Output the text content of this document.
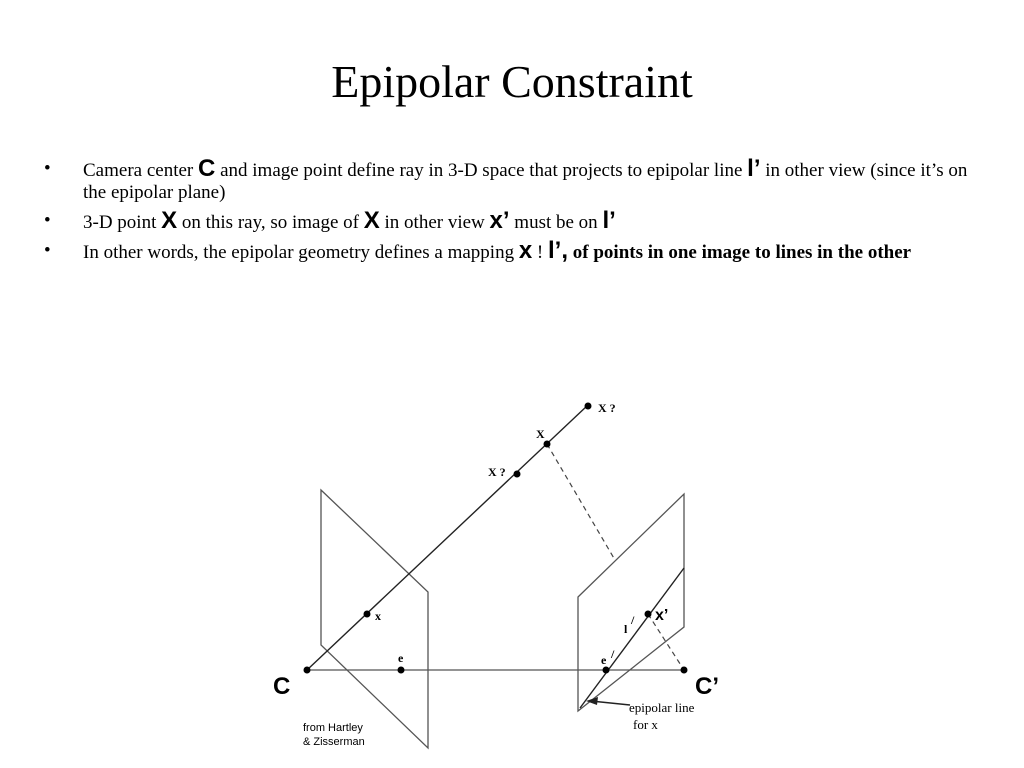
Epipolar Constraint
•	Camera center C and image point define ray in 3-D space that projects to epipolar line l’ in other view (since it’s on the epipolar plane)
•	3-D point X on this ray, so image of X in other view x’ must be on l’
•	In other words, the epipolar geometry defines a mapping x ! l’, of points in one image to lines in the other
X ?
X
X ?
x
e
l
/
e /
x’
C	C’
epipolar line
for x
from Hartley
& Zisserman
